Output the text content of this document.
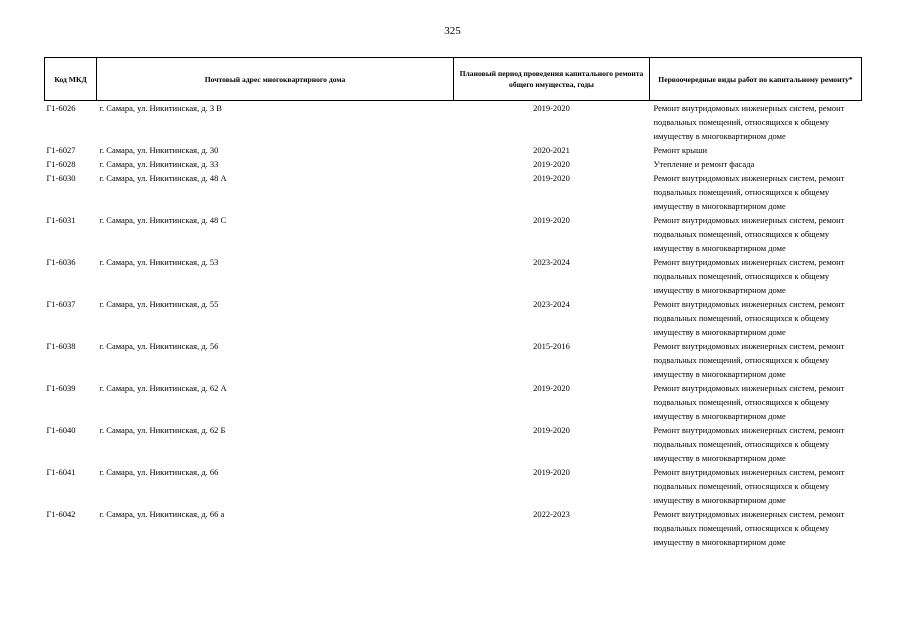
325
Код МКД	Почтовый адрес многоквартирного дома	Плановый период проведения капитального ремонта общего имущества, годы	Первоочередные виды работ по капитальному ремонту*
Г1-6026	г. Самара, ул. Никитинская, д. 3 В	2019-2020	Ремонт внутридомовых инженерных систем, ремонт подвальных помещений, относящихся к общему имуществу в многоквартирном доме
Г1-6027	г. Самара, ул. Никитинская, д. 30	2020-2021	Ремонт крыши
Г1-6028	г. Самара, ул. Никитинская, д. 33	2019-2020	Утепление и ремонт фасада
Г1-6030	г. Самара, ул. Никитинская, д. 48 А	2019-2020	Ремонт внутридомовых инженерных систем, ремонт подвальных помещений, относящихся к общему имуществу в многоквартирном доме
Г1-6031	г. Самара, ул. Никитинская, д. 48 С	2019-2020	Ремонт внутридомовых инженерных систем, ремонт подвальных помещений, относящихся к общему имуществу в многоквартирном доме
Г1-6036	г. Самара, ул. Никитинская, д. 53	2023-2024	Ремонт внутридомовых инженерных систем, ремонт подвальных помещений, относящихся к общему имуществу в многоквартирном доме
Г1-6037	г. Самара, ул. Никитинская, д. 55	2023-2024	Ремонт внутридомовых инженерных систем, ремонт подвальных помещений, относящихся к общему имуществу в многоквартирном доме
Г1-6038	г. Самара, ул. Никитинская, д. 56	2015-2016	Ремонт внутридомовых инженерных систем, ремонт подвальных помещений, относящихся к общему имуществу в многоквартирном доме
Г1-6039	г. Самара, ул. Никитинская, д. 62 А	2019-2020	Ремонт внутридомовых инженерных систем, ремонт подвальных помещений, относящихся к общему имуществу в многоквартирном доме
Г1-6040	г. Самара, ул. Никитинская, д. 62 Б	2019-2020	Ремонт внутридомовых инженерных систем, ремонт подвальных помещений, относящихся к общему имуществу в многоквартирном доме
Г1-6041	г. Самара, ул. Никитинская, д. 66	2019-2020	Ремонт внутридомовых инженерных систем, ремонт подвальных помещений, относящихся к общему имуществу в многоквартирном доме
Г1-6042	г. Самара, ул. Никитинская, д. 66 а	2022-2023	Ремонт внутридомовых инженерных систем, ремонт подвальных помещений, относящихся к общему имуществу в многоквартирном доме
